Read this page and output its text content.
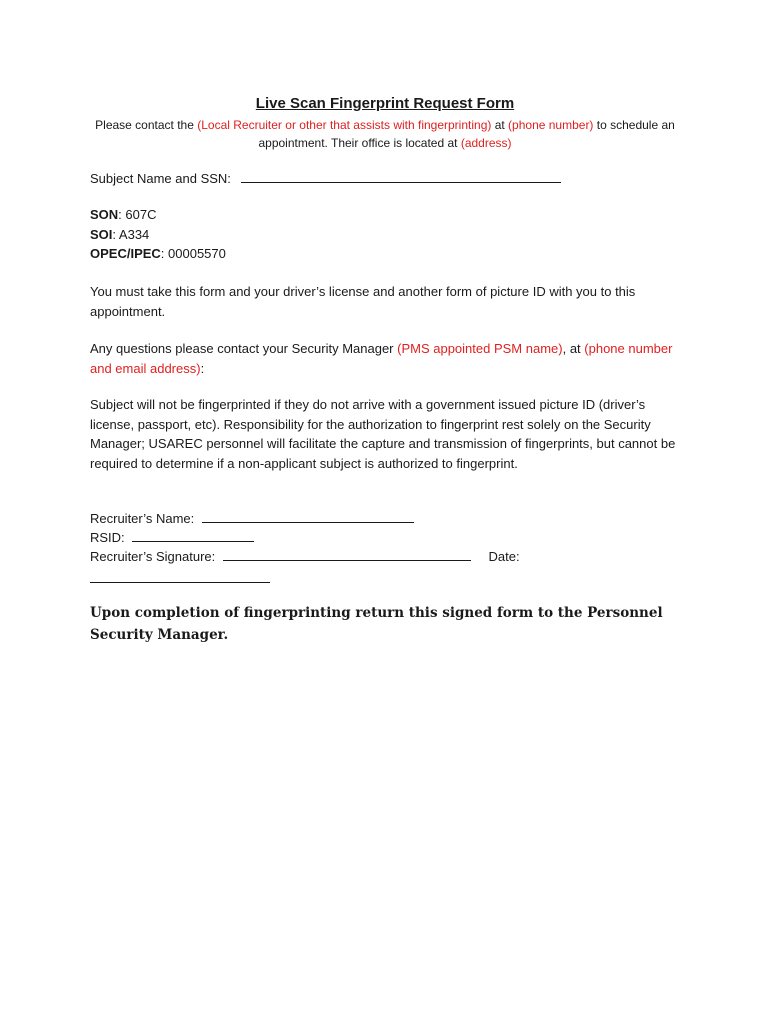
Live Scan Fingerprint Request Form
Please contact the (Local Recruiter or other that assists with fingerprinting) at (phone number) to schedule an appointment. Their office is located at (address)
Subject Name and SSN:
SON: 607C
SOI: A334
OPEC/IPEC: 00005570
You must take this form and your driver’s license and another form of picture ID with you to this appointment.
Any questions please contact your Security Manager (PMS appointed PSM name), at (phone number and email address):
Subject will not be fingerprinted if they do not arrive with a government issued picture ID (driver’s license, passport, etc). Responsibility for the authorization to fingerprint rest solely on the Security Manager; USAREC personnel will facilitate the capture and transmission of fingerprints, but cannot be required to determine if a non-applicant subject is authorized to fingerprint.
Recruiter’s Name:
RSID:
Recruiter’s Signature:	Date:
Upon completion of fingerprinting return this signed form to the Personnel Security Manager.
